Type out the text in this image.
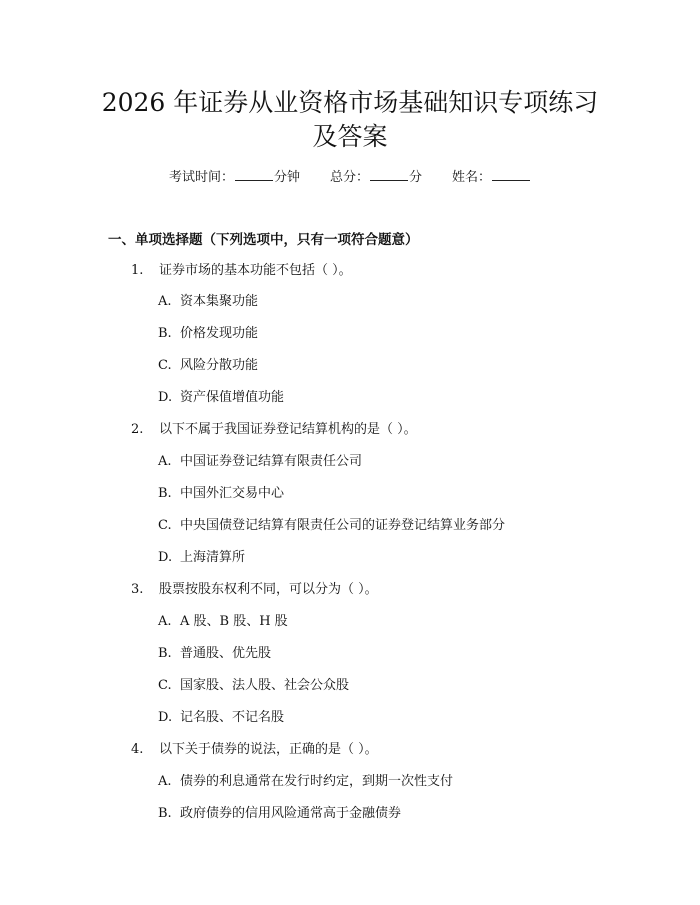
2026 年证券从业资格市场基础知识专项练习
及答案
考试时间：	分钟 总分：	分 姓名：
一、单项选择题（下列选项中，只有一项符合题意）
1. 证券市场的基本功能不包括（ ）。
A. 资本集聚功能
B. 价格发现功能
C. 风险分散功能
D. 资产保值增值功能
2. 以下不属于我国证券登记结算机构的是（ ）。
A. 中国证券登记结算有限责任公司
B. 中国外汇交易中心
C. 中央国债登记结算有限责任公司的证券登记结算业务部分
D. 上海清算所
3. 股票按股东权利不同，可以分为（ ）。
A. A 股、B 股、H 股
B. 普通股、优先股
C. 国家股、法人股、社会公众股
D. 记名股、不记名股
4. 以下关于债券的说法，正确的是（ ）。
A. 债券的利息通常在发行时约定，到期一次性支付
B. 政府债券的信用风险通常高于金融债券
